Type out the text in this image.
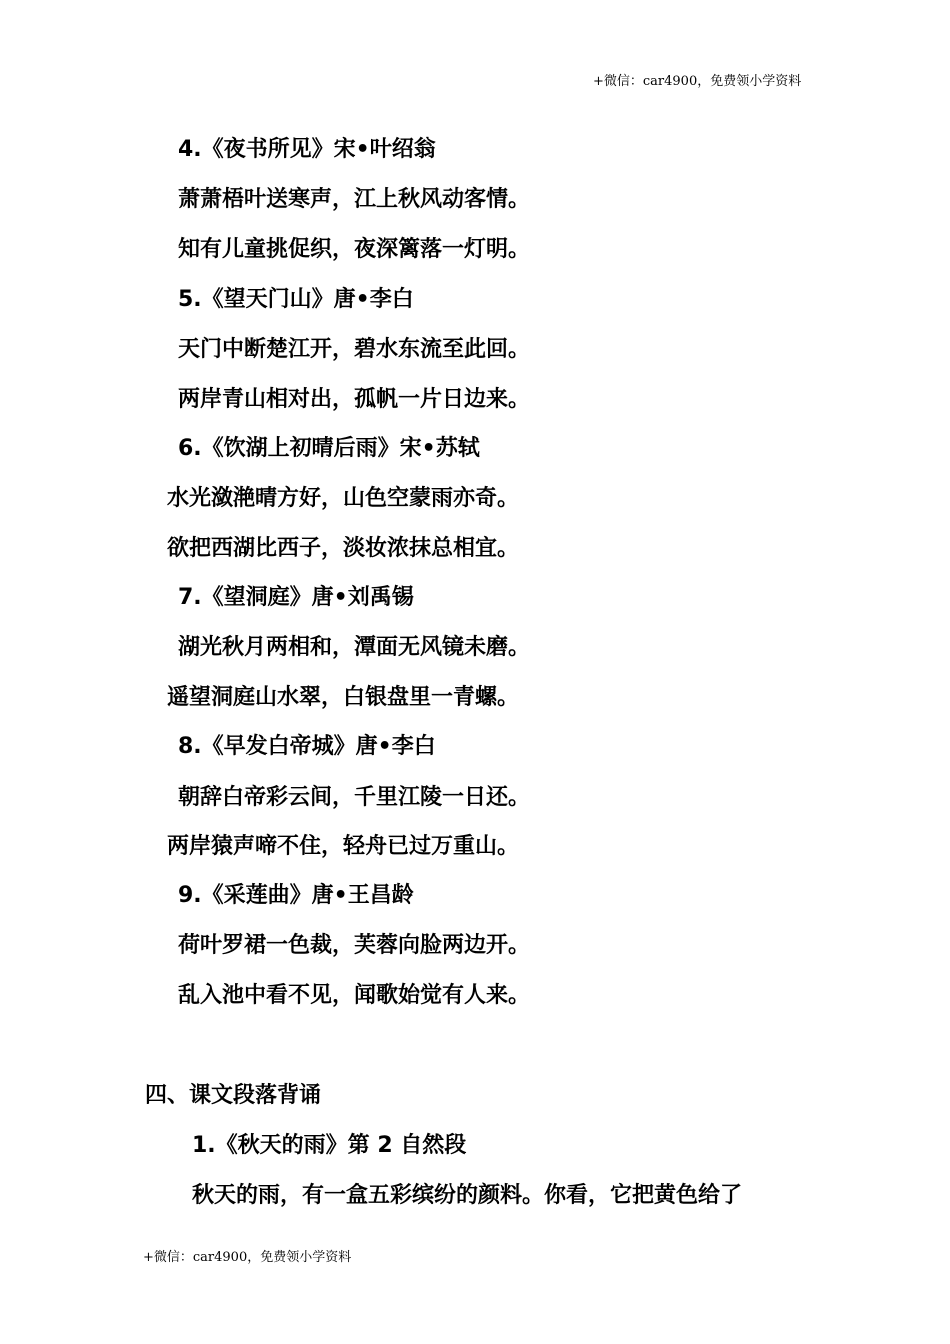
+微信：car4900，免费领小学资料
4.《夜书所见》宋•叶绍翁
萧萧梧叶送寒声，江上秋风动客情。
知有儿童挑促织，夜深篱落一灯明。
5.《望天门山》唐•李白
天门中断楚江开，碧水东流至此回。
两岸青山相对出，孤帆一片日边来。
6.《饮湖上初晴后雨》宋•苏轼
水光潋滟晴方好，山色空蒙雨亦奇。
欲把西湖比西子，淡妆浓抹总相宜。
7.《望洞庭》唐•刘禹锡
湖光秋月两相和，潭面无风镜未磨。
遥望洞庭山水翠，白银盘里一青螺。
8.《早发白帝城》唐•李白
朝辞白帝彩云间，千里江陵一日还。
两岸猿声啼不住，轻舟已过万重山。
9.《采莲曲》唐•王昌龄
荷叶罗裙一色裁，芙蓉向脸两边开。
乱入池中看不见，闻歌始觉有人来。
四、课文段落背诵
1.《秋天的雨》第 2 自然段
秋天的雨，有一盒五彩缤纷的颜料。你看，它把黄色给了
+微信：car4900，免费领小学资料
